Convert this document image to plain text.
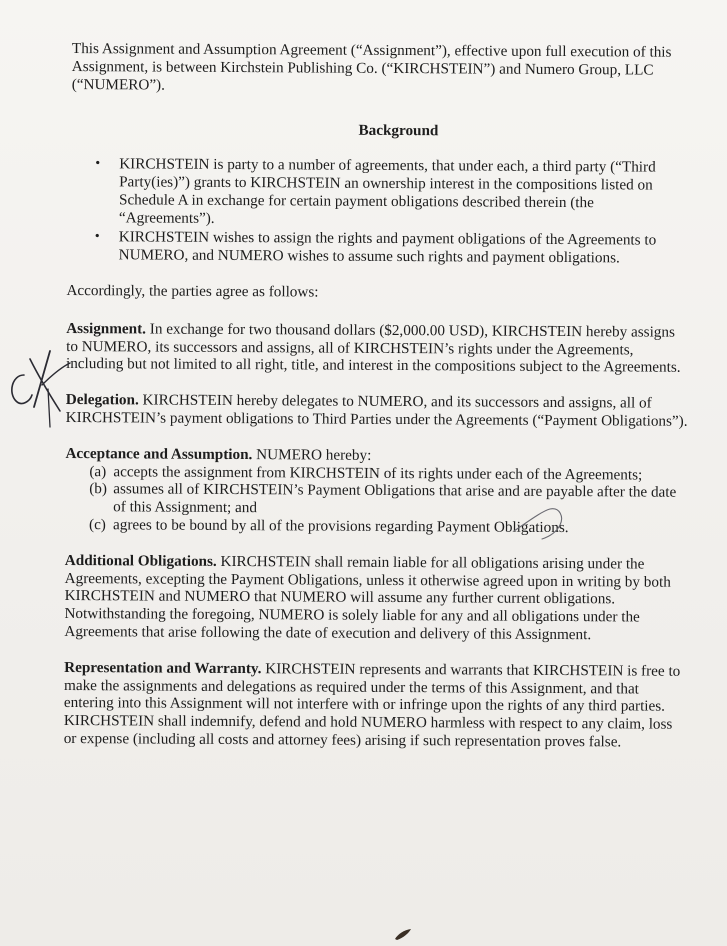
This Assignment and Assumption Agreement (“Assignment”), effective upon full execution of this Assignment, is between Kirchstein Publishing Co. (“KIRCHSTEIN”) and Numero Group, LLC (“NUMERO”).

Background

• KIRCHSTEIN is party to a number of agreements, that under each, a third party (“Third Party(ies)”) grants to KIRCHSTEIN an ownership interest in the compositions listed on Schedule A in exchange for certain payment obligations described therein (the “Agreements”).
• KIRCHSTEIN wishes to assign the rights and payment obligations of the Agreements to NUMERO, and NUMERO wishes to assume such rights and payment obligations.

Accordingly, the parties agree as follows:

Assignment. In exchange for two thousand dollars ($2,000.00 USD), KIRCHSTEIN hereby assigns to NUMERO, its successors and assigns, all of KIRCHSTEIN’s rights under the Agreements, including but not limited to all right, title, and interest in the compositions subject to the Agreements.

Delegation. KIRCHSTEIN hereby delegates to NUMERO, and its successors and assigns, all of KIRCHSTEIN’s payment obligations to Third Parties under the Agreements (“Payment Obligations”).

Acceptance and Assumption. NUMERO hereby:

(a) accepts the assignment from KIRCHSTEIN of its rights under each of the Agreements;
(b) assumes all of KIRCHSTEIN’s Payment Obligations that arise and are payable after the date of this Assignment; and
(c) agrees to be bound by all of the provisions regarding Payment Obligations.

Additional Obligations. KIRCHSTEIN shall remain liable for all obligations arising under the Agreements, excepting the Payment Obligations, unless it otherwise agreed upon in writing by both KIRCHSTEIN and NUMERO that NUMERO will assume any further current obligations. Notwithstanding the foregoing, NUMERO is solely liable for any and all obligations under the Agreements that arise following the date of execution and delivery of this Assignment.

Representation and Warranty. KIRCHSTEIN represents and warrants that KIRCHSTEIN is free to make the assignments and delegations as required under the terms of this Assignment, and that entering into this Assignment will not interfere with or infringe upon the rights of any third parties. KIRCHSTEIN shall indemnify, defend and hold NUMERO harmless with respect to any claim, loss or expense (including all costs and attorney fees) arising if such representation proves false.
